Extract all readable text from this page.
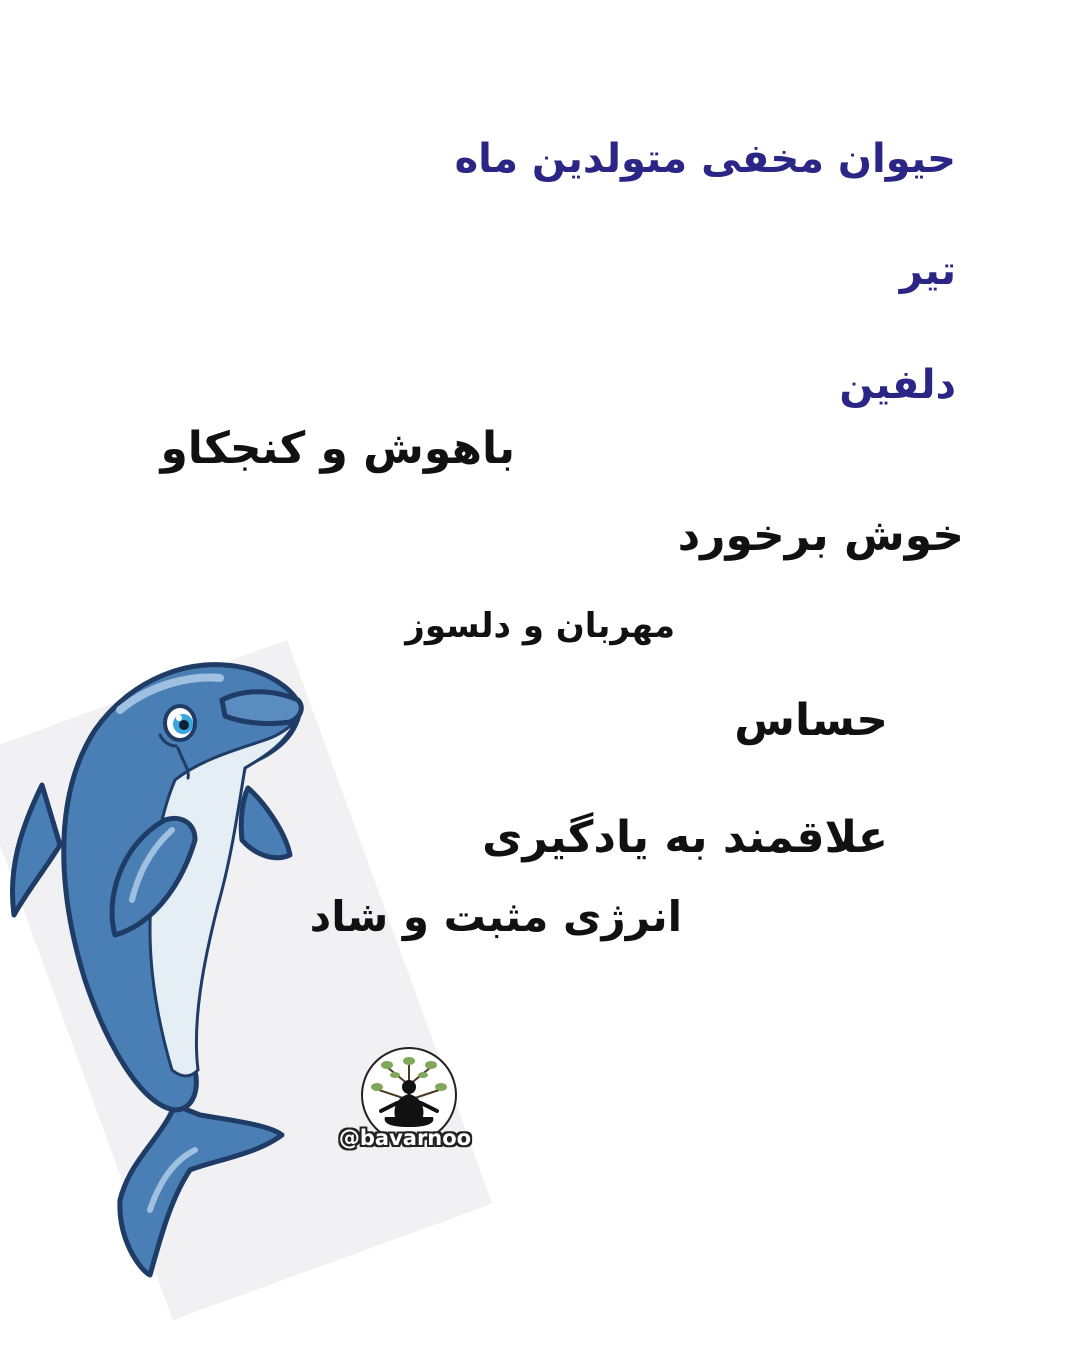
حیوان مخفی متولدین ماه
تیر
دلفین
باهوش و کنجکاو
خوش برخورد
مهربان و دلسوز
حساس
علاقمند به یادگیری
انرژی مثبت و شاد
@bavarnoo
